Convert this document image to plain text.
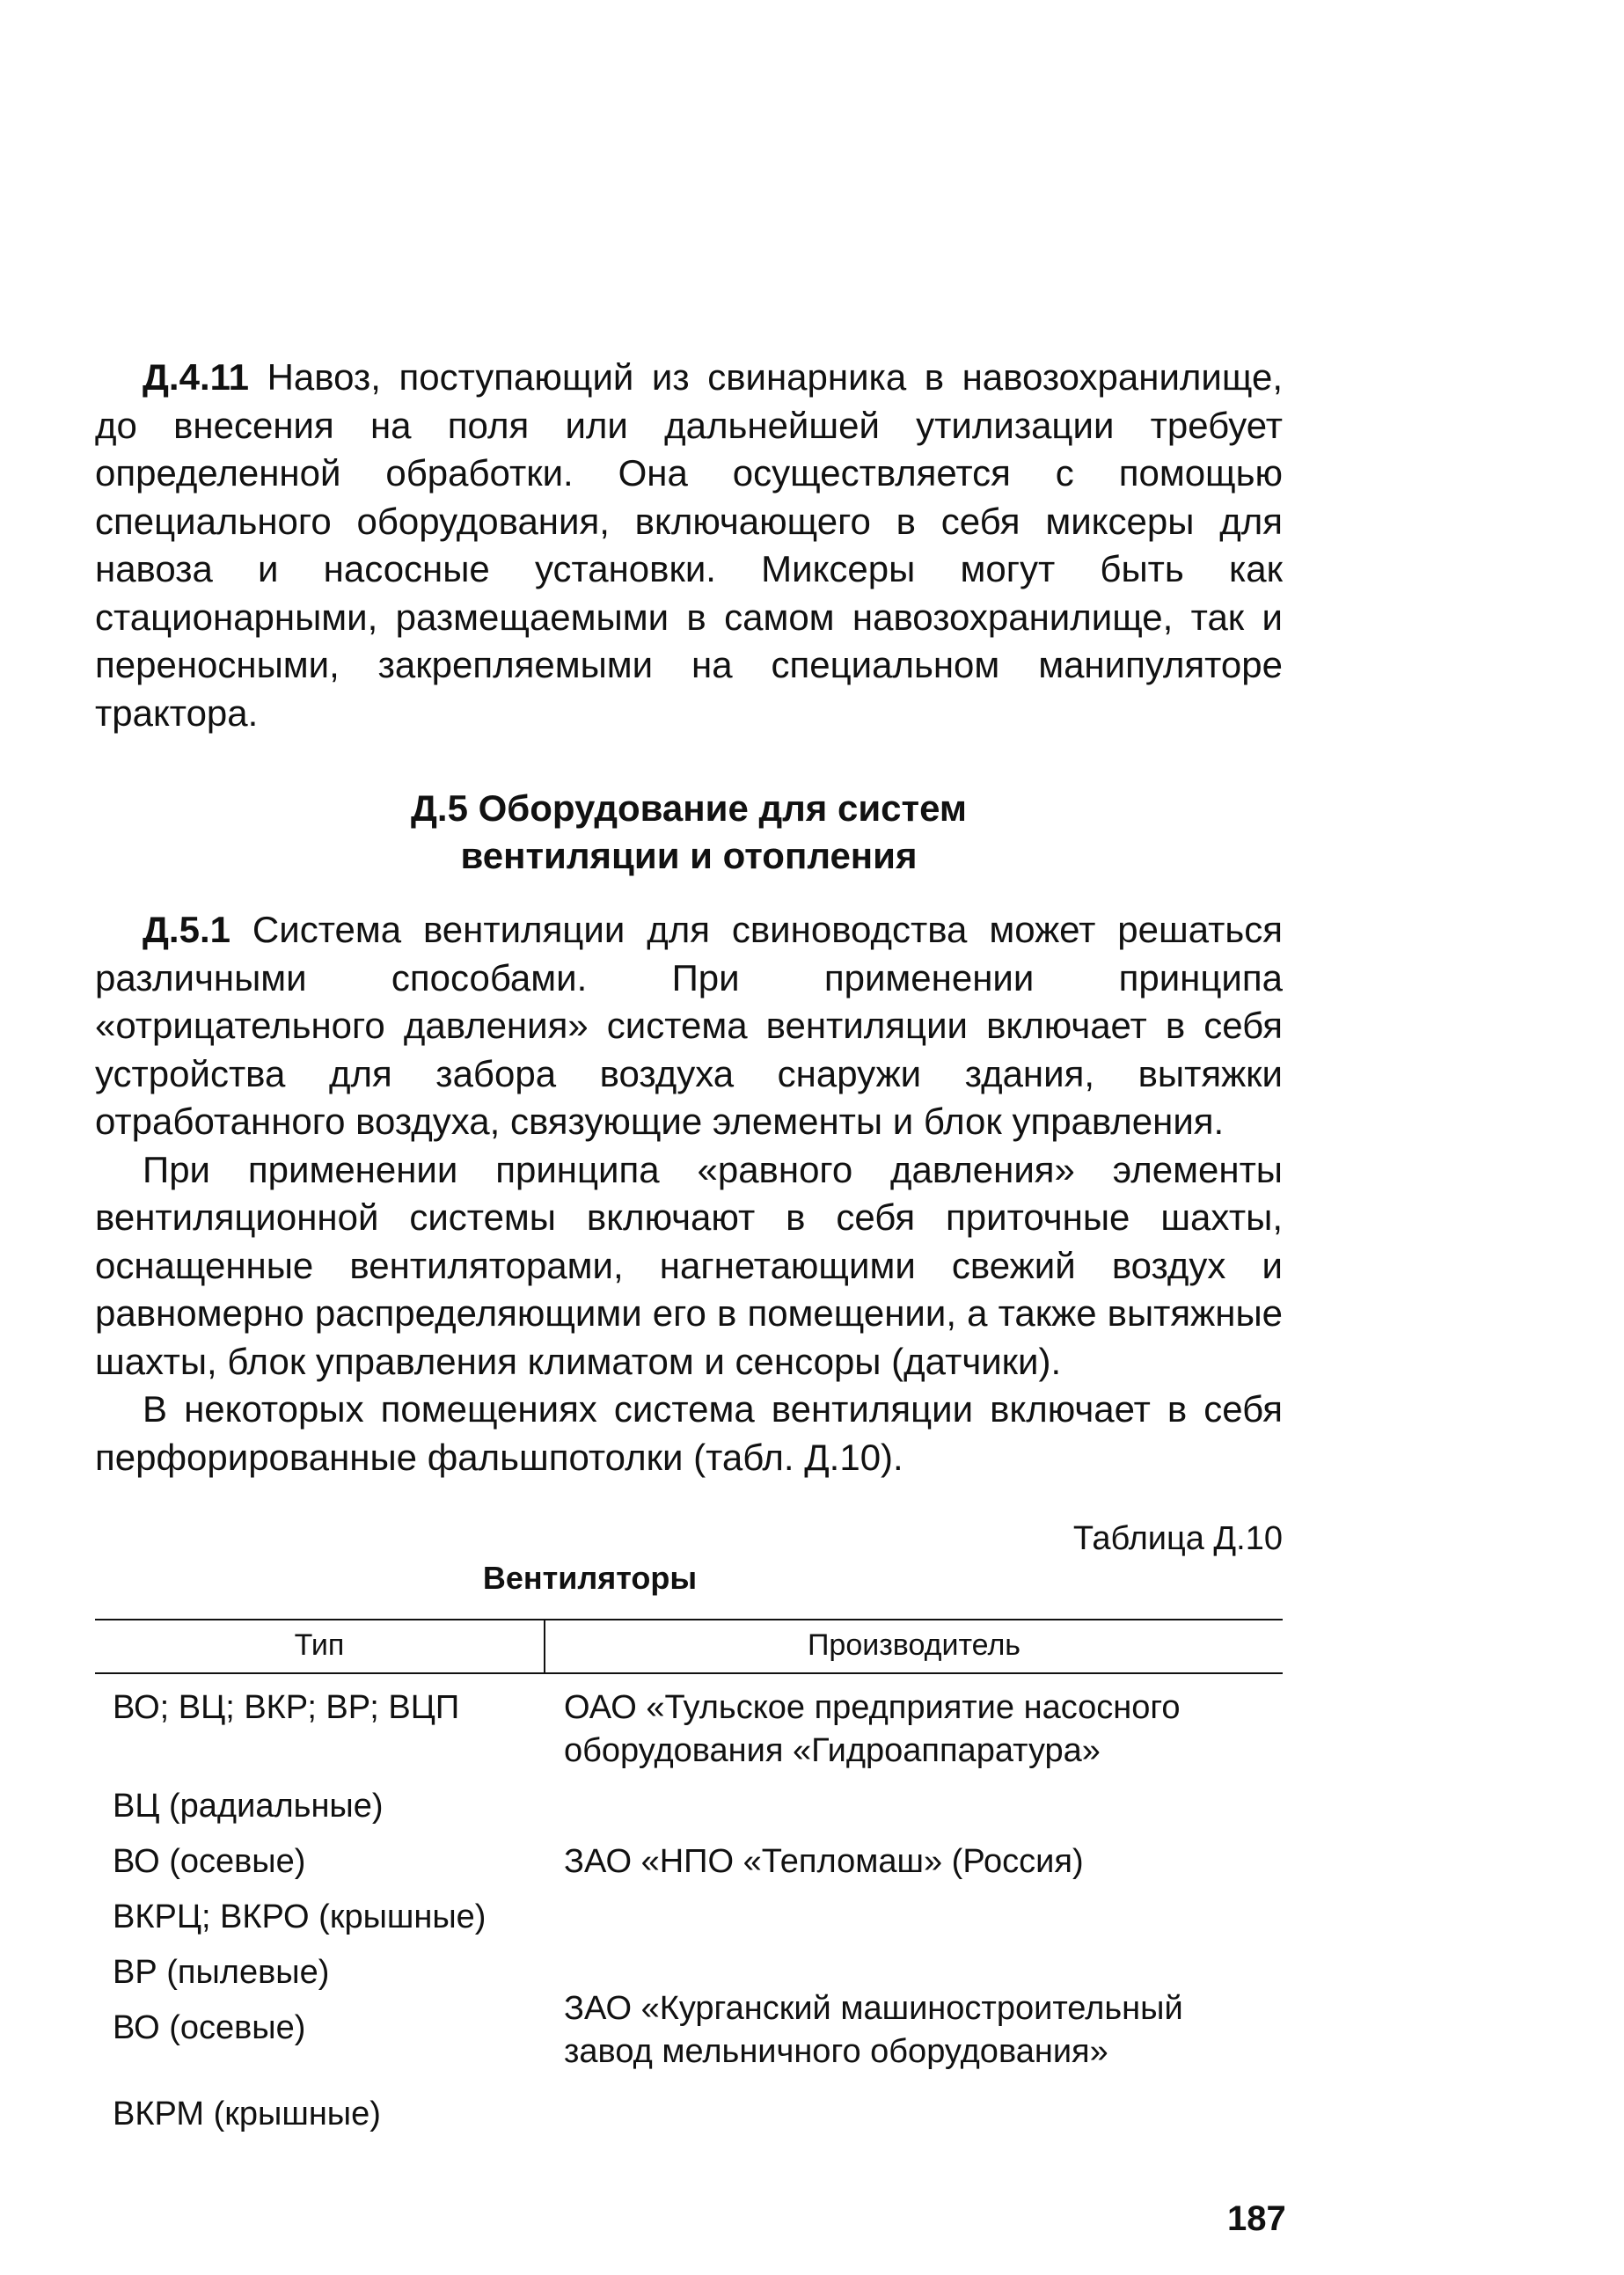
Д.4.11 Навоз, поступающий из свинарника в навозохранилище, до внесения на поля или дальнейшей утилизации требует определенной обработки. Она осуществляется с помощью специального оборудования, включающего в себя миксеры для навоза и насосные установки. Миксеры могут быть как стационарными, размещаемыми в самом навозохранилище, так и переносными, закрепляемыми на специальном манипуляторе трактора.

Д.5 Оборудование для систем
вентиляции и отопления

Д.5.1 Система вентиляции для свиноводства может решаться различными способами. При применении принципа «отрицательного давления» система вентиляции включает в себя устройства для забора воздуха снаружи здания, вытяжки отработанного воздуха, связующие элементы и блок управления.

При применении принципа «равного давления» элементы вентиляционной системы включают в себя приточные шахты, оснащенные вентиляторами, нагнетающими свежий воздух и равномерно распределяющими его в помещении, а также вытяжные шахты, блок управления климатом и сенсоры (датчики).

В некоторых помещениях система вентиляции включает в себя перфорированные фальшпотолки (табл. Д.10).

Таблица Д.10
Вентиляторы
Тип	Производитель

ВО; ВЦ; ВКР; ВР; ВЦП	ОАО «Тульское предприятие насосного
оборудования «Гидроаппаратура»

ВЦ (радиальные)	

ВО (осевые)	ЗАО «НПО «Тепломаш» (Россия)

ВКРЦ; ВКРО (крышные)	

ВР (пылевые)	

ВО (осевые)	ЗАО «Курганский машиностроительный
завод мельничного оборудования»

ВКРМ (крышные)	
187
